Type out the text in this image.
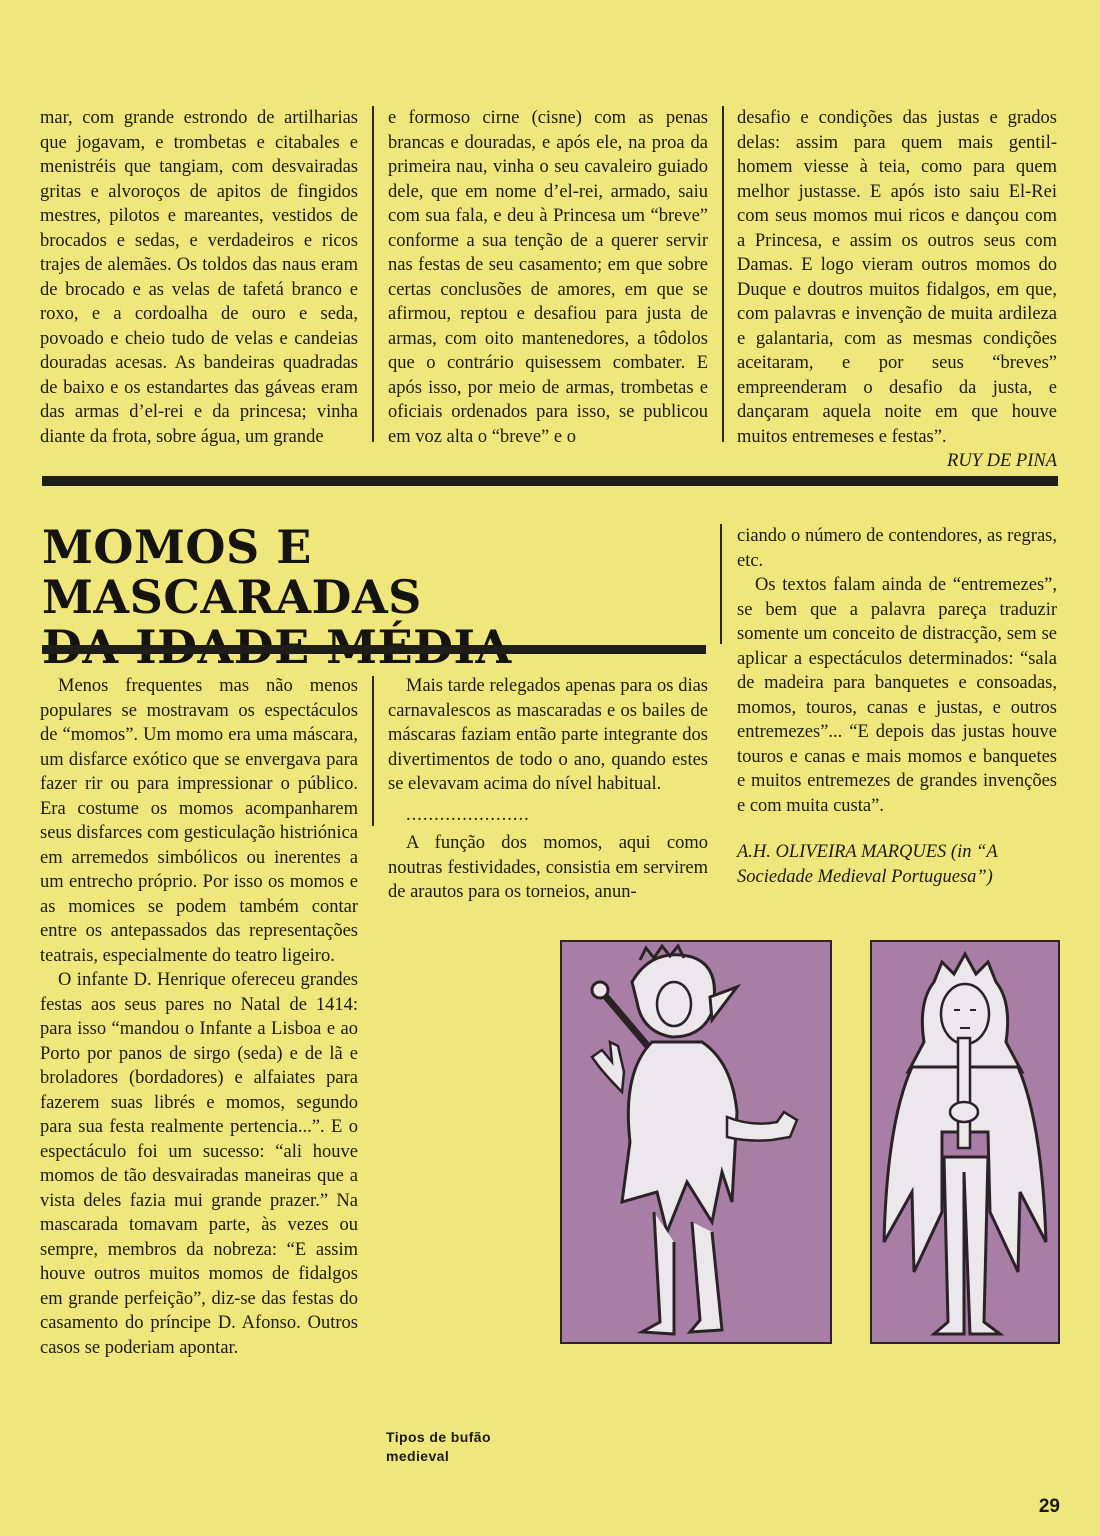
mar, com grande estrondo de artilharias que jogavam, e trombetas e citabales e menistréis que tangiam, com desvairadas gritas e alvoroços de apitos de fingidos mestres, pilotos e mareantes, vestidos de brocados e sedas, e verdadeiros e ricos trajes de alemães. Os toldos das naus eram de brocado e as velas de tafetá branco e roxo, e a cordoalha de ouro e seda, povoado e cheio tudo de velas e candeias douradas acesas. As bandeiras quadradas de baixo e os estandartes das gáveas eram das armas d’el-rei e da princesa; vinha diante da frota, sobre água, um grande

e formoso cirne (cisne) com as penas brancas e douradas, e após ele, na proa da primeira nau, vinha o seu cavaleiro guiado dele, que em nome d’el-rei, armado, saiu com sua fala, e deu à Princesa um “breve” conforme a sua tenção de a querer servir nas festas de seu casamento; em que sobre certas conclusões de amores, em que se afirmou, reptou e desafiou para justa de armas, com oito mantenedores, a tôdolos que o contrário quisessem combater. E após isso, por meio de armas, trombetas e oficiais ordenados para isso, se publicou em voz alta o “breve” e o

desafio e condições das justas e grados delas: assim para quem mais gentil-homem viesse à teia, como para quem melhor justasse. E após isto saiu El-Rei com seus momos mui ricos e dançou com a Princesa, e assim os outros seus com Damas. E logo vieram outros momos do Duque e doutros muitos fidalgos, em que, com palavras e invenção de muita ardileza e galantaria, com as mesmas condições aceitaram, e por seus “breves” empreenderam o desafio da justa, e dançaram aquela noite em que houve muitos entremeses e festas”.

RUY DE PINA
MOMOS E MASCARADAS

Menos frequentes mas não menos populares se mostravam os espectáculos de “momos”. Um momo era uma máscara, um disfarce exótico que se envergava para fazer rir ou para impressionar o público. Era costume os momos acompanharem seus disfarces com gesticulação histriónica em arremedos simbólicos ou inerentes a um entrecho próprio. Por isso os momos e as momices se podem também contar entre os antepassados das representações teatrais, especialmente do teatro ligeiro.

O infante D. Henrique ofereceu grandes festas aos seus pares no Natal de 1414: para isso “mandou o Infante a Lisboa e ao Porto por panos de sirgo (seda) e de lã e broladores (bordadores) e alfaiates para fazerem suas librés e momos, segundo para sua festa realmente pertencia...”. E o espectáculo foi um sucesso: “ali houve momos de tão desvairadas maneiras que a vista deles fazia mui grande prazer.” Na mascarada tomavam parte, às vezes ou sempre, membros da nobreza: “E assim houve outros muitos momos de fidalgos em grande perfeição”, diz-se das festas do casamento do príncipe D. Afonso. Outros casos se poderiam apontar.

Mais tarde relegados apenas para os dias carnavalescos as mascaradas e os bailes de máscaras faziam então parte integrante dos divertimentos de todo o ano, quando estes se elevavam acima do nível habitual.

......................

A função dos momos, aqui como noutras festividades, consistia em servirem de arautos para os torneios, anun-

ciando o número de contendores, as regras, etc.

Os textos falam ainda de “entremezes”, se bem que a palavra pareça traduzir somente um conceito de distracção, sem se aplicar a espectáculos determinados: “sala de madeira para banquetes e consoadas, momos, touros, canas e justas, e outros entremezes”... “E depois das justas houve touros e canas e mais momos e banquetes e muitos entremezes de grandes invenções e com muita custa”.

A.H. OLIVEIRA MARQUES (in “A Sociedade Medieval Portuguesa”)

Tipos de bufão medieval
29
